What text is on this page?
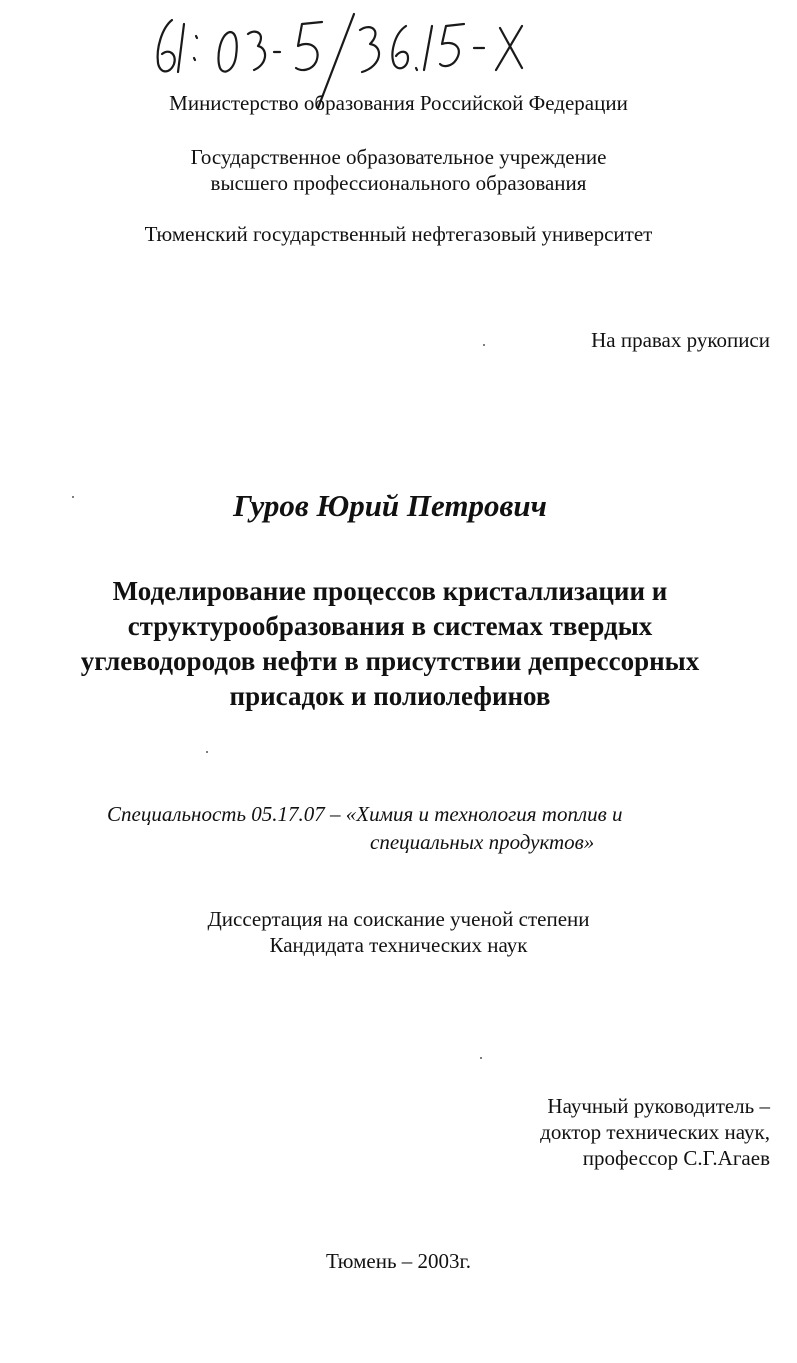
Министерство образования Российской Федерации
Государственное образовательное учреждение
высшего профессионального образования
Тюменский государственный нефтегазовый университет
На правах рукописи
Гуров Юрий Петрович
Моделирование процессов кристаллизации и
структурообразования в системах твердых
углеводородов нефти в присутствии депрессорных
присадок и полиолефинов
Специальность 05.17.07 – «Химия и технология топлив и
специальных продуктов»
Диссертация на соискание ученой степени
Кандидата технических наук
Научный руководитель –
доктор технических наук,
профессор С.Г.Агаев
Тюмень – 2003г.
